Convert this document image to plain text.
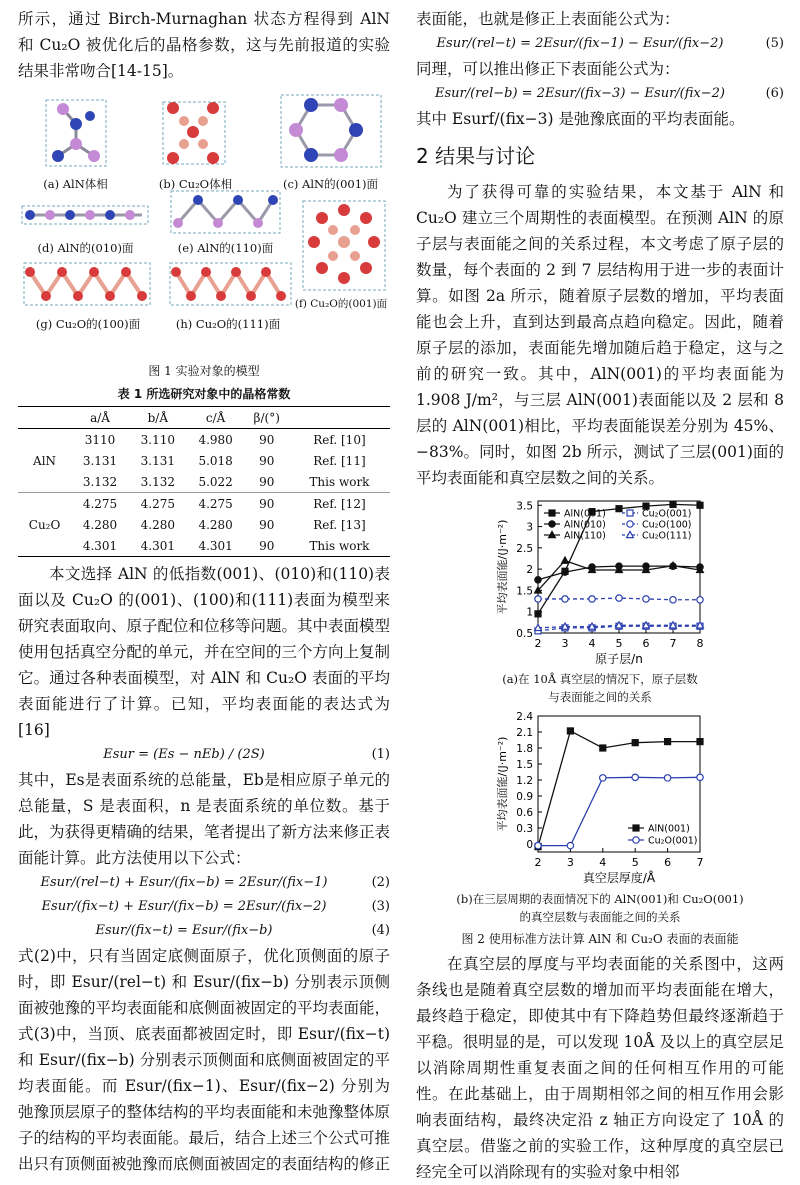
所示，通过 Birch-Murnaghan 状态方程得到 AlN 和 Cu₂O 被优化后的晶格参数，这与先前报道的实验结果非常吻合[14-15]。

(a) AlN体相	(b) Cu₂O体相	(c) AlN的(001)面
(d) AlN的(010)面	(e) AlN的(110)面
(f) Cu₂O的(001)面
(g) Cu₂O的(100)面	(h) Cu₂O的(111)面
图 1 实验对象的模型
表 1 所选研究对象中的晶格常数
	a/Å	b/Å	c/Å	β/(°)	
AlN	3110	3.110	4.980	90	Ref. [10]
	3.131	3.131	5.018	90	Ref. [11]
	3.132	3.132	5.022	90	This work
Cu₂O	4.275	4.275	4.275	90	Ref. [12]
	4.280	4.280	4.280	90	Ref. [13]
	4.301	4.301	4.301	90	This work

本文选择 AlN 的低指数(001)、(010)和(110)表面以及 Cu₂O 的(001)、(100)和(111)表面为模型来研究表面取向、原子配位和位移等问题。其中表面模型使用包括真空分配的单元，并在空间的三个方向上复制它。通过各种表面模型，对 AlN 和 Cu₂O 表面的平均表面能进行了计算。已知，平均表面能的表达式为[16]

Esur = (Es − nEb) / (2S)	(1)

其中，Es是表面系统的总能量，Eb是相应原子单元的总能量，S 是表面积，n 是表面系统的单位数。基于此，为获得更精确的结果，笔者提出了新方法来修正表面能计算。此方法使用以下公式：

Esur/(rel−t) + Esur/(fix−b) = 2Esur/(fix−1)	(2)
Esur/(fix−t) + Esur/(fix−b) = 2Esur/(fix−2)	(3)
Esur/(fix−t) = Esur/(fix−b)	(4)

式(2)中，只有当固定底侧面原子，优化顶侧面的原子时，即 Esur/(rel−t) 和 Esur/(fix−b) 分别表示顶侧面被弛豫的平均表面能和底侧面被固定的平均表面能，式(3)中，当顶、底表面都被固定时，即 Esur/(fix−t) 和 Esur/(fix−b) 分别表示顶侧面和底侧面被固定的平均表面能。而 Esur/(fix−1)、Esur/(fix−2) 分别为弛豫顶层原子的整体结构的平均表面能和未弛豫整体原子的结构的平均表面能。最后，结合上述三个公式可推出只有顶侧面被弛豫而底侧面被固定的表面结构的修正

表面能，也就是修正上表面能公式为：

Esur/(rel−t) = 2Esur/(fix−1) − Esur/(fix−2)	(5)

同理，可以推出修正下表面能公式为：

Esur/(rel−b) = 2Esur/(fix−3) − Esur/(fix−2)	(6)

其中 Esurf/(fix−3) 是弛豫底面的平均表面能。

2 结果与讨论

为了获得可靠的实验结果，本文基于 AlN 和 Cu₂O 建立三个周期性的表面模型。在预测 AlN 的原子层与表面能之间的关系过程，本文考虑了原子层的数量，每个表面的 2 到 7 层结构用于进一步的表面计算。如图 2a 所示，随着原子层数的增加，平均表面能也会上升，直到达到最高点趋向稳定。因此，随着原子层的添加，表面能先增加随后趋于稳定，这与之前的研究一致。其中，AlN(001)的平均表面能为 1.908 J/m²，与三层 AlN(001)表面能以及 2 层和 8 层的 AlN(001)相比，平均表面能误差分别为 45%、−83%。同时，如图 2b 所示，测试了三层(001)面的平均表面能和真空层数之间的关系。

0.5
1
1.5
2
2.5
3
3.5
2 3 4 5 6 7 8
原子层/n
平均表面能/(J·m⁻²)
AlN(001)
AlN(010)
AlN(110)
Cu₂O(001)
Cu₂O(100)
Cu₂O(111)
(a)在 10Å 真空层的情况下，原子层数
与表面能之间的关系
0
0.3
0.6
0.9
1.2
1.5
1.8
2.1
2.4
2 3 4 5 6 7
真空层厚度/Å
平均表面能/(J·m⁻²)	AlN(001)
Cu₂O(001)
(b)在三层周期的表面情况下的 AlN(001)和 Cu₂O(001)
的真空层数与表面能之间的关系
图 2 使用标准方法计算 AlN 和 Cu₂O 表面的表面能

在真空层的厚度与平均表面能的关系图中，这两条线也是随着真空层数的增加而平均表面能在增大，最终趋于稳定，即使其中有下降趋势但最终逐渐趋于平稳。很明显的是，可以发现 10Å 及以上的真空层足以消除周期性重复表面之间的任何相互作用的可能性。在此基础上，由于周期相邻之间的相互作用会影响表面结构，最终决定沿 z 轴正方向设定了 10Å 的真空层。借鉴之前的实验工作，这种厚度的真空层已经完全可以消除现有的实验对象中相邻
